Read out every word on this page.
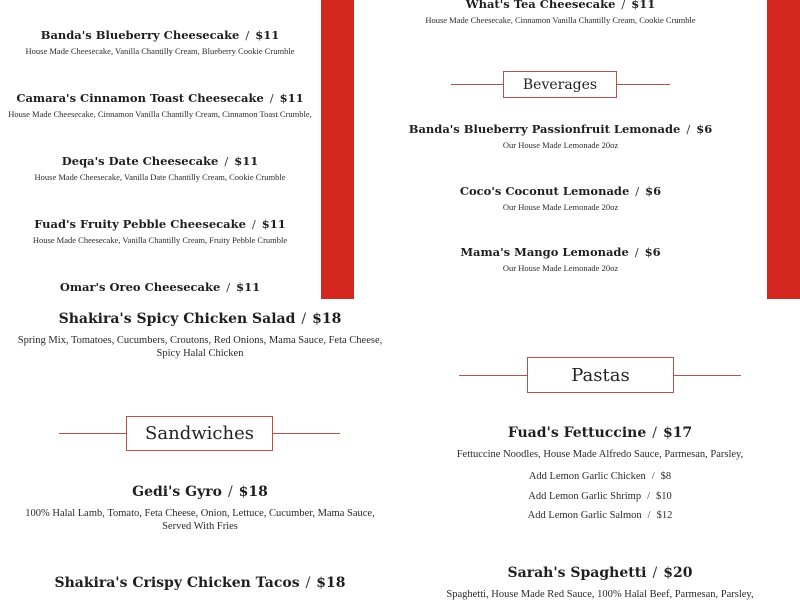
Banda's Blueberry Cheesecake / $11
House Made Cheesecake, Vanilla Chantilly Cream, Blueberry Cookie Crumble
Camara's Cinnamon Toast Cheesecake / $11
House Made Cheesecake, Cinnamon Vanilla Chantilly Cream, Cinnamon Toast Crumble,
Deqa's Date Cheesecake / $11
House Made Cheesecake, Vanilla Date Chantilly Cream, Cookie Crumble
Fuad's Fruity Pebble Cheesecake / $11
House Made Cheesecake, Vanilla Chantilly Cream, Fruity Pebble Crumble
Omar's Oreo Cheesecake / $11
What's Tea Cheesecake / $11
House Made Cheesecake, Cinnamon Vanilla Chantilly Cream, Cookie Crumble
Beverages
Banda's Blueberry Passionfruit Lemonade / $6
Our House Made Lemonade 20oz
Coco's Coconut Lemonade / $6
Our House Made Lemonade 20oz
Mama's Mango Lemonade / $6
Our House Made Lemonade 20oz
Shakira's Spicy Chicken Salad / $18
Spring Mix, Tomatoes, Cucumbers, Croutons, Red Onions, Mama Sauce, Feta Cheese, Spicy Halal Chicken
Sandwiches
Gedi's Gyro / $18
100% Halal Lamb, Tomato, Feta Cheese, Onion, Lettuce, Cucumber, Mama Sauce, Served With Fries
Shakira's Crispy Chicken Tacos / $18
Pastas
Fuad's Fettuccine / $17
Fettuccine Noodles, House Made Alfredo Sauce, Parmesan, Parsley,
Add Lemon Garlic Chicken / $8
Add Lemon Garlic Shrimp / $10
Add Lemon Garlic Salmon / $12
Sarah's Spaghetti / $20
Spaghetti, House Made Red Sauce, 100% Halal Beef, Parmesan, Parsley,
